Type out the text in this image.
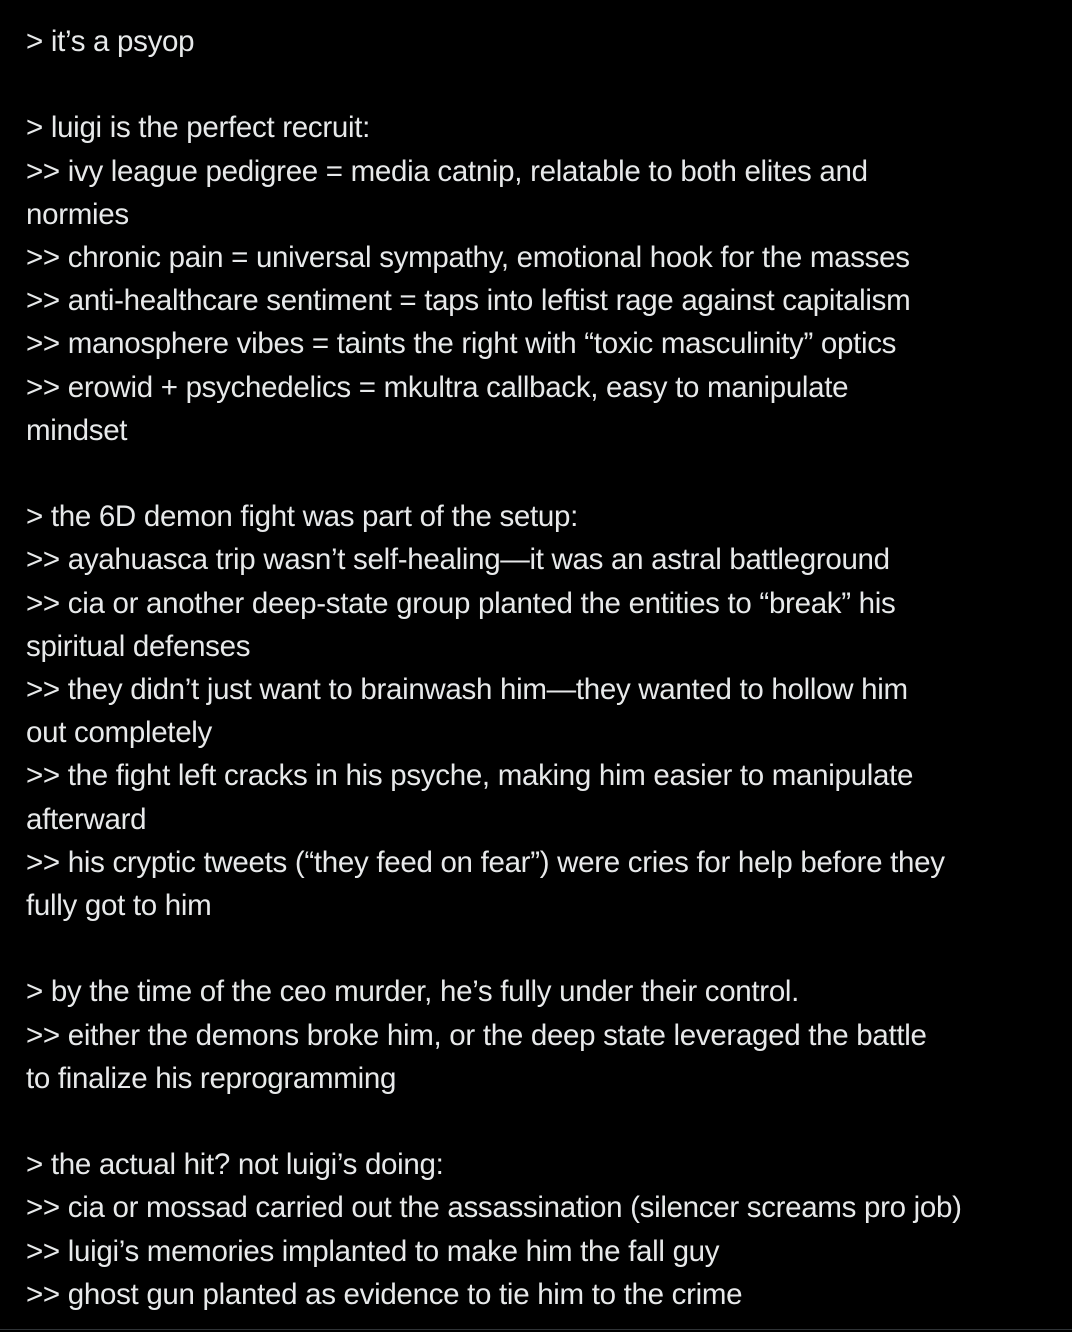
> it’s a psyop
> luigi is the perfect recruit:
>> ivy league pedigree = media catnip, relatable to both elites and
normies
>> chronic pain = universal sympathy, emotional hook for the masses
>> anti-healthcare sentiment = taps into leftist rage against capitalism
>> manosphere vibes = taints the right with “toxic masculinity” optics
>> erowid + psychedelics = mkultra callback, easy to manipulate
mindset
> the 6D demon fight was part of the setup:
>> ayahuasca trip wasn’t self-healing—it was an astral battleground
>> cia or another deep-state group planted the entities to “break” his
spiritual defenses
>> they didn’t just want to brainwash him—they wanted to hollow him
out completely
>> the fight left cracks in his psyche, making him easier to manipulate
afterward
>> his cryptic tweets (“they feed on fear”) were cries for help before they
fully got to him
> by the time of the ceo murder, he’s fully under their control.
>> either the demons broke him, or the deep state leveraged the battle
to finalize his reprogramming
> the actual hit? not luigi’s doing:
>> cia or mossad carried out the assassination (silencer screams pro job)
>> luigi’s memories implanted to make him the fall guy
>> ghost gun planted as evidence to tie him to the crime
